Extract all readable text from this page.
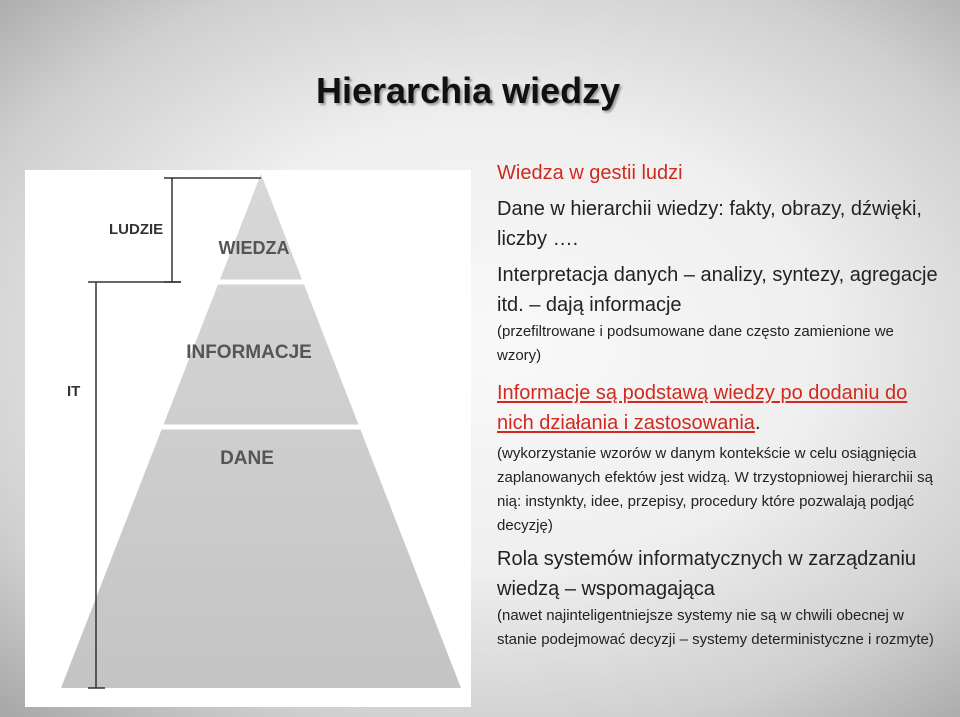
Hierarchia wiedzy
LUDZIE
IT
WIEDZA
INFORMACJE
DANE

Wiedza w gestii ludzi

Dane w hierarchii wiedzy: fakty, obrazy, dźwięki, liczby ….

Interpretacja danych – analizy, syntezy, agregacje itd. – dają informacje

(przefiltrowane i podsumowane dane często zamienione we wzory)

Informacje są podstawą wiedzy po dodaniu do nich działania i zastosowania.

(wykorzystanie wzorów w danym kontekście w celu osiągnięcia zaplanowanych efektów jest widzą. W trzystopniowej hierarchii są nią: instynkty, idee, przepisy, procedury które pozwalają podjąć decyzję)

Rola systemów informatycznych w zarządzaniu wiedzą – wspomagająca

(nawet najinteligentniejsze systemy nie są w chwili obecnej w stanie podejmować decyzji – systemy deterministyczne i rozmyte)
